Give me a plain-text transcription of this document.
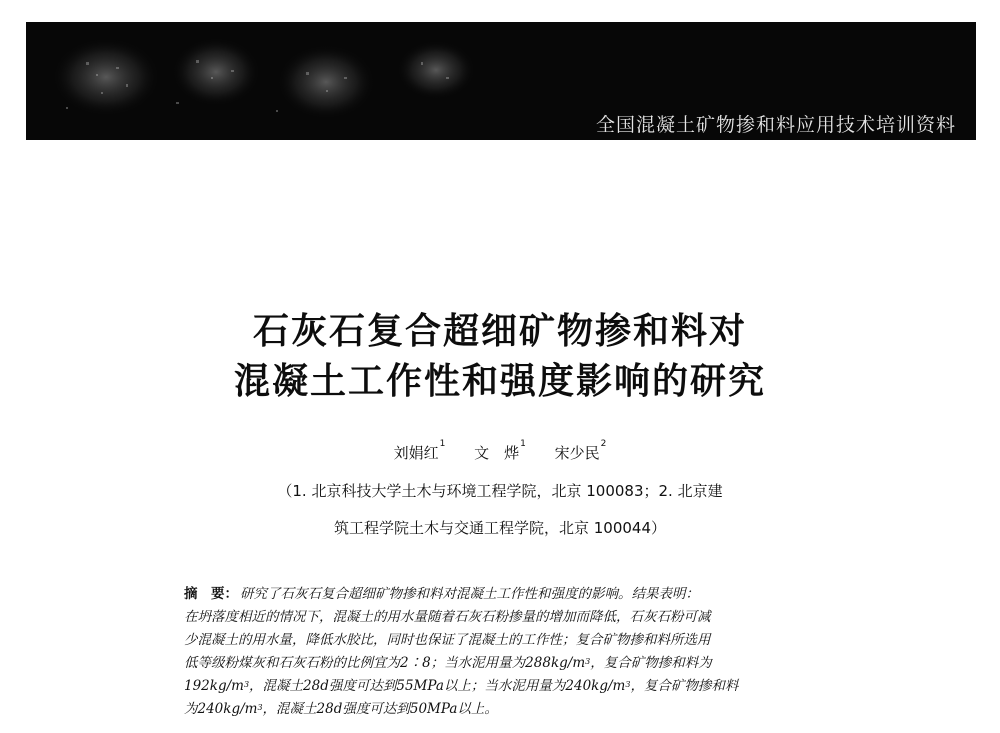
全国混凝土矿物掺和料应用技术培训资料
石灰石复合超细矿物掺和料对
混凝土工作性和强度影响的研究
刘娟红$^1$ 文　烨$^1$ 宋少民$^2$
（1. 北京科技大学土木与环境工程学院，北京 100083；2. 北京建
筑工程学院土木与交通工程学院，北京 100044）
摘　要： 研究了石灰石复合超细矿物掺和料对混凝土工作性和强度的影响。结果表明：
在坍落度相近的情况下，混凝土的用水量随着石灰石粉掺量的增加而降低，石灰石粉可减
少混凝土的用水量，降低水胶比，同时也保证了混凝土的工作性；复合矿物掺和料所选用
低等级粉煤灰和石灰石粉的比例宜为2∶8；当水泥用量为$288kg/m^3$，复合矿物掺和料为
$192kg/m^3$，混凝土28d强度可达到55MPa以上；当水泥用量为$240kg/m^3$，复合矿物掺和料
为$240kg/m^3$，混凝土28d强度可达到50MPa以上。
